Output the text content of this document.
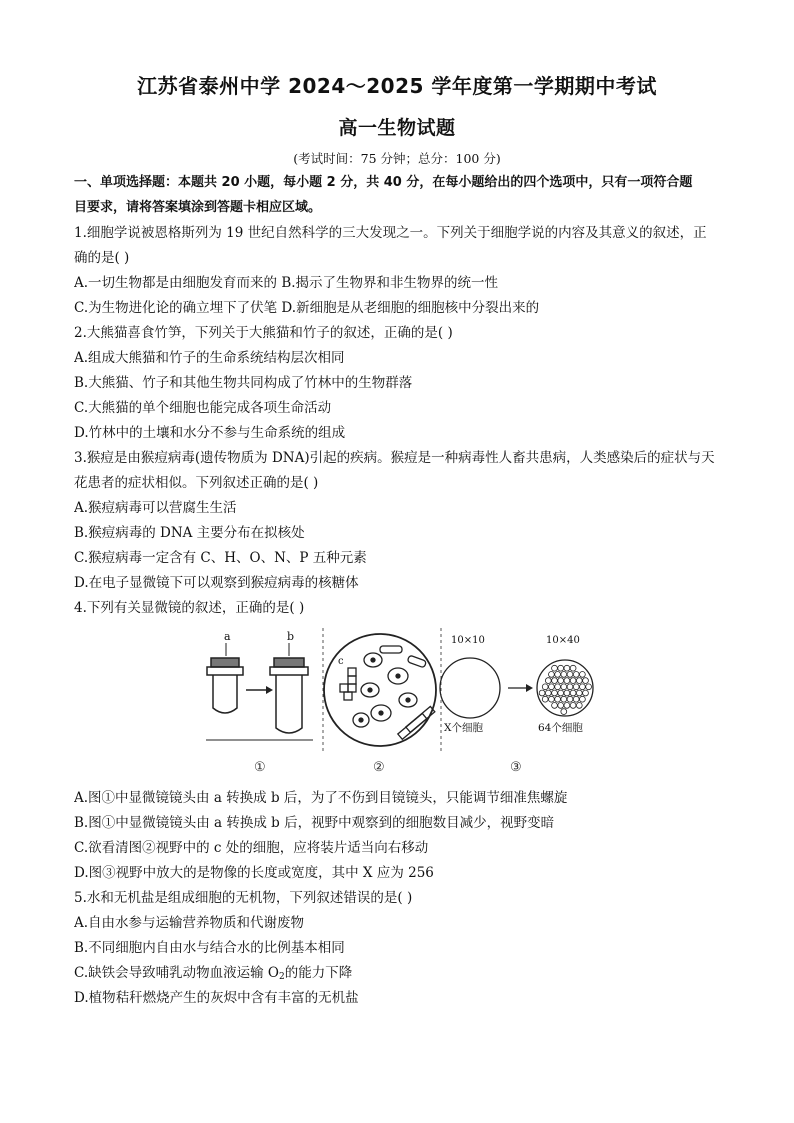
江苏省泰州中学 2024～2025 学年度第一学期期中考试
高一生物试题
(考试时间：75 分钟；总分：100 分)
一、单项选择题：本题共 20 小题，每小题 2 分，共 40 分，在每小题给出的四个选项中，只有一项符合题
目要求，请将答案填涂到答题卡相应区域。
1.细胞学说被恩格斯列为 19 世纪自然科学的三大发现之一。下列关于细胞学说的内容及其意义的叙述，正
确的是( )
A.一切生物都是由细胞发育而来的 B.揭示了生物界和非生物界的统一性
C.为生物进化论的确立埋下了伏笔 D.新细胞是从老细胞的细胞核中分裂出来的
2.大熊猫喜食竹笋，下列关于大熊猫和竹子的叙述，正确的是( )
A.组成大熊猫和竹子的生命系统结构层次相同
B.大熊猫、竹子和其他生物共同构成了竹林中的生物群落
C.大熊猫的单个细胞也能完成各项生命活动
D.竹林中的土壤和水分不参与生命系统的组成
3.猴痘是由猴痘病毒(遗传物质为 DNA)引起的疾病。猴痘是一种病毒性人畜共患病，人类感染后的症状与天
花患者的症状相似。下列叙述正确的是( )
A.猴痘病毒可以营腐生生活
B.猴痘病毒的 DNA 主要分布在拟核处
C.猴痘病毒一定含有 C、H、O、N、P 五种元素
D.在电子显微镜下可以观察到猴痘病毒的核糖体
4.下列有关显微镜的叙述，正确的是( )
a	b
c
10×10	10×40
X个细胞	64个细胞
①	②	③
A.图①中显微镜镜头由 a 转换成 b 后，为了不伤到目镜镜头，只能调节细准焦螺旋
B.图①中显微镜镜头由 a 转换成 b 后，视野中观察到的细胞数目减少，视野变暗
C.欲看清图②视野中的 c 处的细胞，应将装片适当向右移动
D.图③视野中放大的是物像的长度或宽度，其中 X 应为 256
5.水和无机盐是组成细胞的无机物，下列叙述错误的是( )
A.自由水参与运输营养物质和代谢废物
B.不同细胞内自由水与结合水的比例基本相同
C.缺铁会导致哺乳动物血液运输 $O_2$的能力下降
D.植物秸秆燃烧产生的灰烬中含有丰富的无机盐
